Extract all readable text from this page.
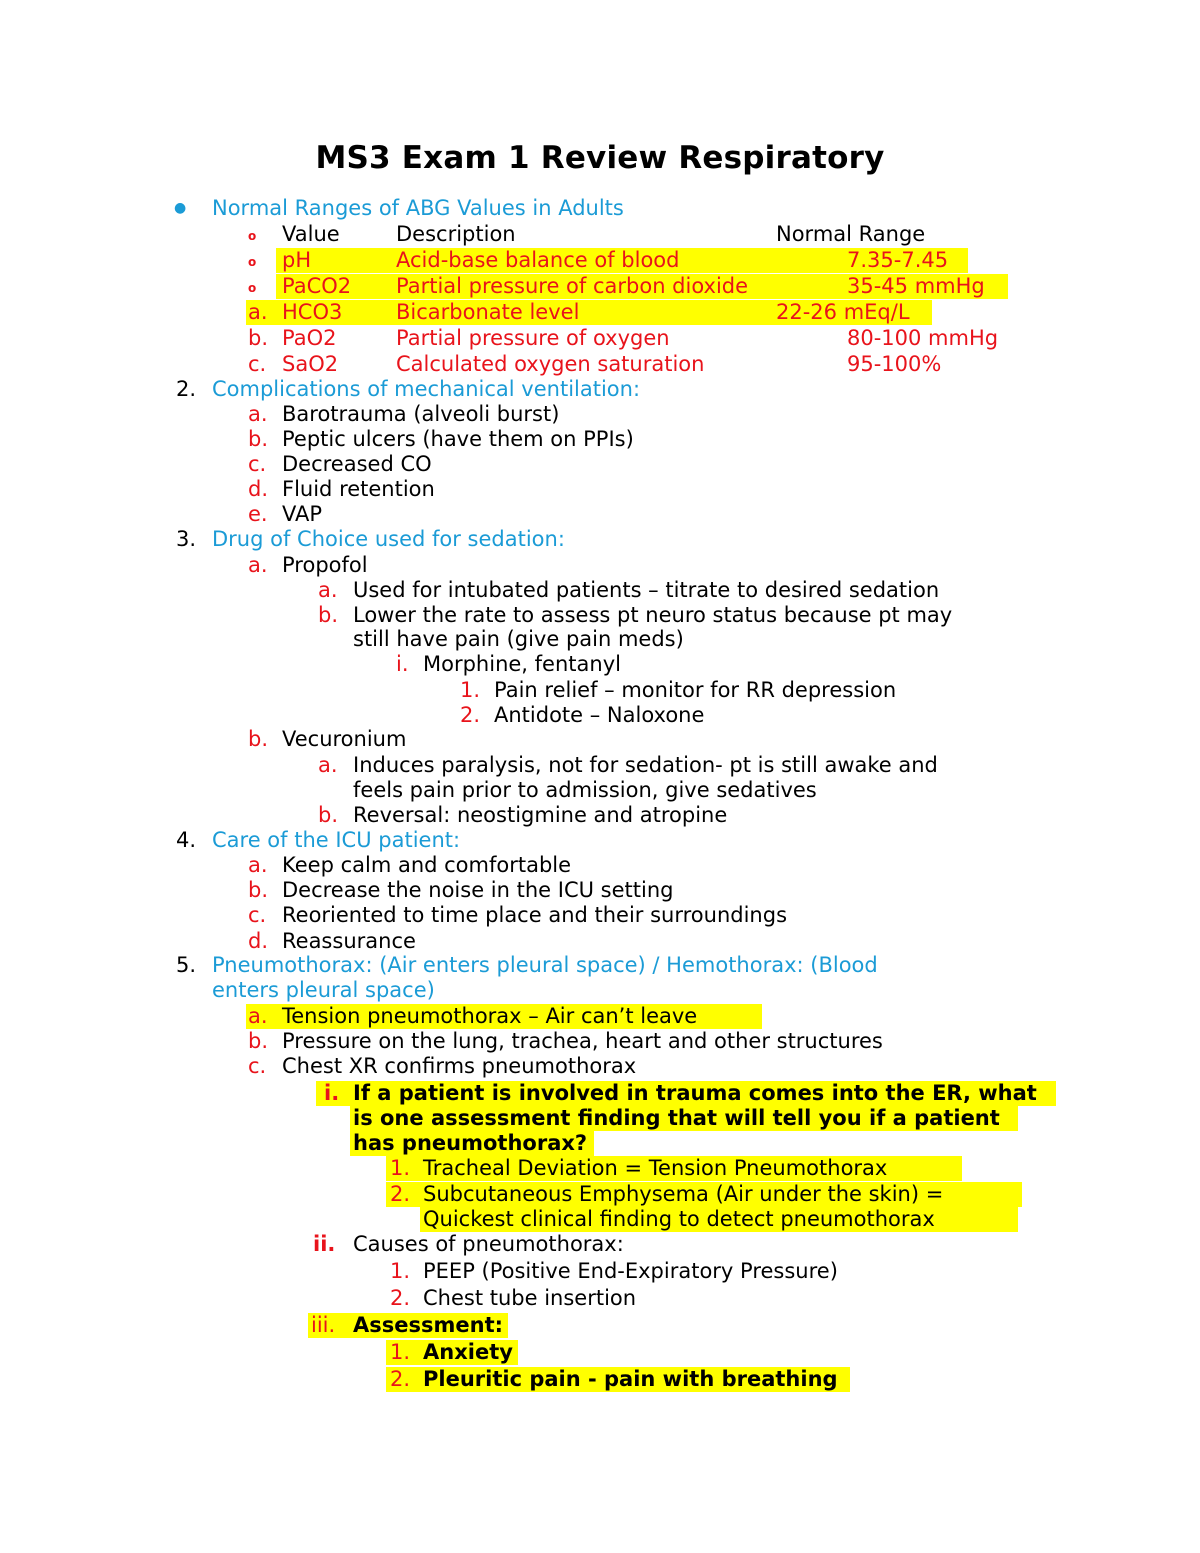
MS3 Exam 1 Review Respiratory
● Normal Ranges of ABG Values in Adults
o Value	Description	Normal Range
o pH	Acid-base balance of blood	7.35-7.45
o PaCO2	Partial pressure of carbon dioxide	35-45 mmHg
a. HCO3	Bicarbonate level	22-26 mEq/L
b. PaO2	Partial pressure of oxygen	80-100 mmHg
c. SaO2	Calculated oxygen saturation	95-100%
2. Complications of mechanical ventilation:
a. Barotrauma (alveoli burst)
b. Peptic ulcers (have them on PPIs)
c. Decreased CO
d. Fluid retention
e. VAP
3. Drug of Choice used for sedation:
a. Propofol
a. Used for intubated patients – titrate to desired sedation
b. Lower the rate to assess pt neuro status because pt may
still have pain (give pain meds)
i. Morphine, fentanyl
1. Pain relief – monitor for RR depression
2. Antidote – Naloxone
b. Vecuronium
a. Induces paralysis, not for sedation- pt is still awake and
feels pain prior to admission, give sedatives
b. Reversal: neostigmine and atropine
4. Care of the ICU patient:
a. Keep calm and comfortable
b. Decrease the noise in the ICU setting
c. Reoriented to time place and their surroundings
d. Reassurance
5. Pneumothorax: (Air enters pleural space) / Hemothorax: (Blood
enters pleural space)
a. Tension pneumothorax – Air can’t leave
b. Pressure on the lung, trachea, heart and other structures
c. Chest XR confirms pneumothorax
i. If a patient is involved in trauma comes into the ER, what
is one assessment finding that will tell you if a patient
has pneumothorax?
1. Tracheal Deviation = Tension Pneumothorax
2. Subcutaneous Emphysema (Air under the skin) =
Quickest clinical finding to detect pneumothorax
ii. Causes of pneumothorax:
1. PEEP (Positive End-Expiratory Pressure)
2. Chest tube insertion
iii. Assessment:
1. Anxiety
2. Pleuritic pain - pain with breathing
